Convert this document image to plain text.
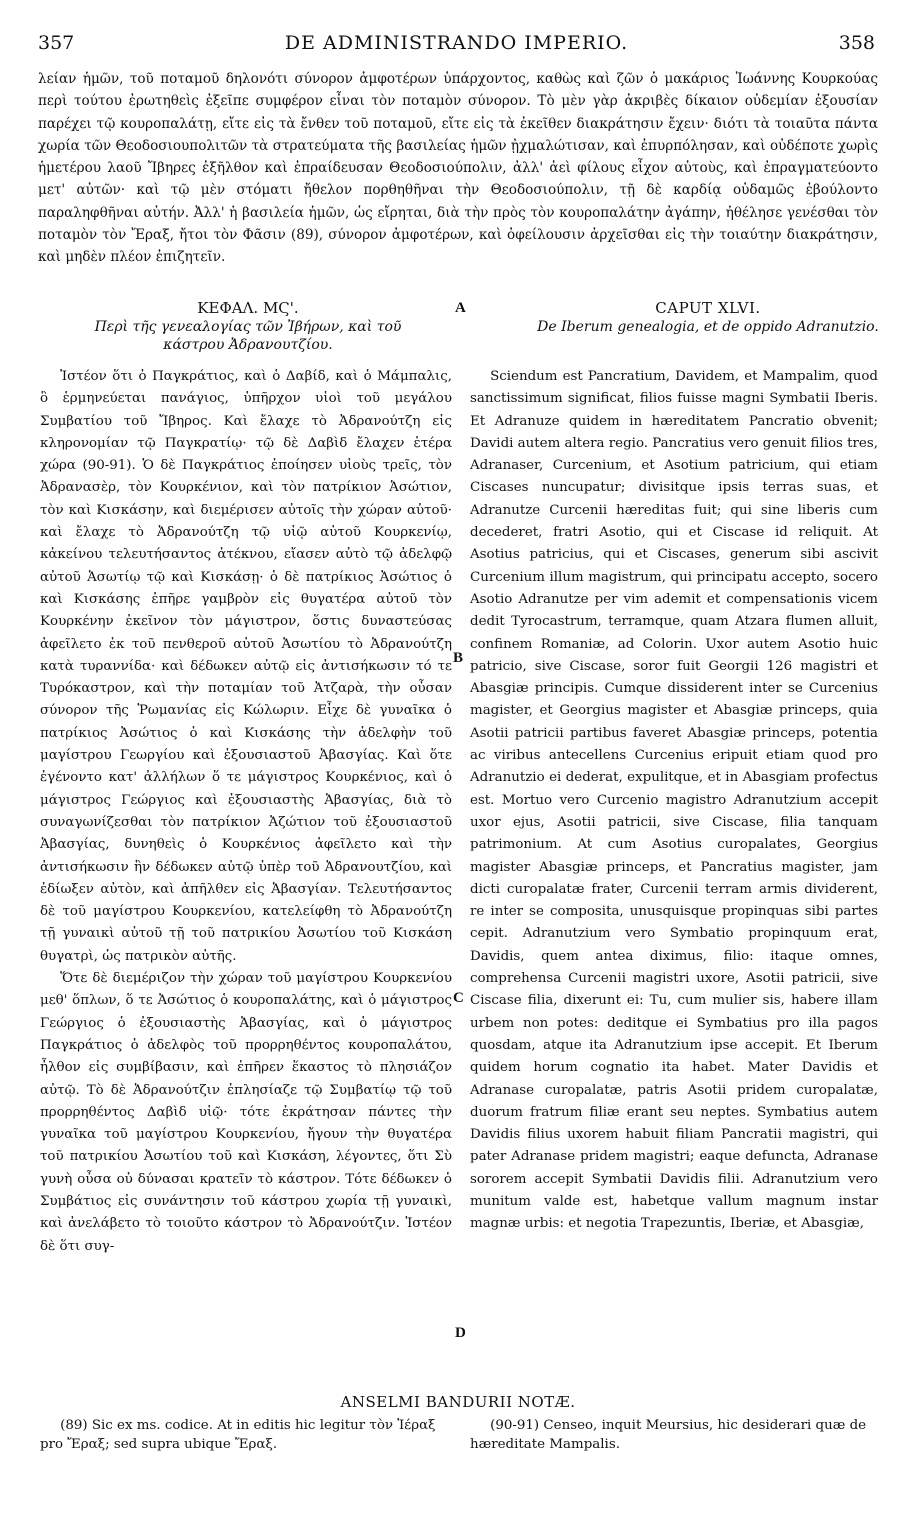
357	DE ADMINISTRANDO IMPERIO.	358

λείαν ἡμῶν, τοῦ ποταμοῦ δηλονότι σύνορον ἀμφοτέρων ὑπάρχοντος, καθὼς καὶ ζῶν ὁ μακάριος Ἰωάννης Κουρκούας περὶ τούτου ἐρωτηθεὶς ἐξεῖπε συμφέρον εἶναι τὸν ποταμὸν σύνορον. Τὸ μὲν γὰρ ἀκριβὲς δίκαιον οὐδεμίαν ἐξουσίαν παρέχει τῷ κουροπαλάτῃ, εἴτε εἰς τὰ ἔνθεν τοῦ ποταμοῦ, εἴτε εἰς τὰ ἐκεῖθεν διακράτησιν ἔχειν· διότι τὰ τοιαῦτα πάντα χωρία τῶν Θεοδοσιουπολιτῶν τὰ στρατεύματα τῆς βασιλείας ἡμῶν ᾐχμαλώτισαν, καὶ ἐπυρπόλησαν, καὶ οὐδέποτε χωρὶς ἡμετέρου λαοῦ Ἴβηρες ἐξῆλθον καὶ ἐπραίδευσαν Θεοδοσιούπολιν, ἀλλ' ἀεὶ φίλους εἶχον αὐτοὺς, καὶ ἐπραγματεύοντο μετ' αὐτῶν· καὶ τῷ μὲν στόματι ἤθελον πορθηθῆναι τὴν Θεοδοσιούπολιν, τῇ δὲ καρδίᾳ οὐδαμῶς ἐβούλοντο παραληφθῆναι αὐτήν. Ἀλλ' ἡ βασιλεία ἡμῶν, ὡς εἴρηται, διὰ τὴν πρὸς τὸν κουροπαλάτην ἀγάπην, ἠθέλησε γενέσθαι τὸν ποταμὸν τὸν Ἔραξ, ἤτοι τὸν Φᾶσιν (89), σύνορον ἀμφοτέρων, καὶ ὀφείλουσιν ἀρχεῖσθαι εἰς τὴν τοιαύτην διακράτησιν, καὶ μηδὲν πλέον ἐπιζητεῖν.

ΚΕΦΑΛ. ΜϚ'.
Περὶ τῆς γενεαλογίας τῶν Ἰβήρων, καὶ τοῦ
κάστρου Ἀδρανουτζίου.
CAPUT XLVI.
De Iberum genealogia, et de oppido Adranutzio.
A
B
C
D

Ἰστέον ὅτι ὁ Παγκράτιος, καὶ ὁ Δαβίδ, καὶ ὁ Μάμπαλις, ὃ ἑρμηνεύεται πανάγιος, ὑπῆρχον υἱοὶ τοῦ μεγάλου Συμβατίου τοῦ Ἴβηρος. Καὶ ἔλαχε τὸ Ἀδρανούτζη εἰς κληρονομίαν τῷ Παγκρατίῳ· τῷ δὲ Δαβὶδ ἔλαχεν ἑτέρα χώρα (90-91). Ὁ δὲ Παγκράτιος ἐποίησεν υἱοὺς τρεῖς, τὸν Ἀδρανασὲρ, τὸν Κουρκένιον, καὶ τὸν πατρίκιον Ἀσώτιον, τὸν καὶ Κισκάσην, καὶ διεμέρισεν αὐτοῖς τὴν χώραν αὐτοῦ· καὶ ἔλαχε τὸ Ἀδρανούτζη τῷ υἱῷ αὐτοῦ Κουρκενίῳ, κἀκείνου τελευτήσαντος ἀτέκνου, εἴασεν αὐτὸ τῷ ἀδελφῷ αὐτοῦ Ἀσωτίῳ τῷ καὶ Κισκάσῃ· ὁ δὲ πατρίκιος Ἀσώτιος ὁ καὶ Κισκάσης ἐπῆρε γαμβρὸν εἰς θυγατέρα αὐτοῦ τὸν Κουρκένην ἐκεῖνον τὸν μάγιστρον, ὅστις δυναστεύσας ἀφεῖλετο ἐκ τοῦ πενθεροῦ αὐτοῦ Ἀσωτίου τὸ Ἀδρανούτζη κατὰ τυραννίδα· καὶ δέδωκεν αὐτῷ εἰς ἀντισήκωσιν τό τε Τυρόκαστρον, καὶ τὴν ποταμίαν τοῦ Ἀτζαρὰ, τὴν οὖσαν σύνορον τῆς Ῥωμανίας εἰς Κώλωριν. Εἶχε δὲ γυναῖκα ὁ πατρίκιος Ἀσώτιος ὁ καὶ Κισκάσης τὴν ἀδελφὴν τοῦ μαγίστρου Γεωργίου καὶ ἐξουσιαστοῦ Ἀβασγίας. Καὶ ὅτε ἐγένοντο κατ' ἀλλήλων ὅ τε μάγιστρος Κουρκένιος, καὶ ὁ μάγιστρος Γεώργιος καὶ ἐξουσιαστὴς Ἀβασγίας, διὰ τὸ συναγωνίζεσθαι τὸν πατρίκιον Ἀζώτιον τοῦ ἐξουσιαστοῦ Ἀβασγίας, δυνηθεὶς ὁ Κουρκένιος ἀφεῖλετο καὶ τὴν ἀντισήκωσιν ἣν δέδωκεν αὐτῷ ὑπὲρ τοῦ Ἀδρανουτζίου, καὶ ἐδίωξεν αὐτὸν, καὶ ἀπῆλθεν εἰς Ἀβασγίαν. Τελευτήσαντος δὲ τοῦ μαγίστρου Κουρκενίου, κατελείφθη τὸ Ἀδρανούτζη τῇ γυναικὶ αὐτοῦ τῇ τοῦ πατρικίου Ἀσωτίου τοῦ Κισκάση θυγατρὶ, ὡς πατρικὸν αὐτῆς.

Ὅτε δὲ διεμέριζον τὴν χώραν τοῦ μαγίστρου Κουρκενίου μεθ' ὅπλων, ὅ τε Ἀσώτιος ὁ κουροπαλάτης, καὶ ὁ μάγιστρος Γεώργιος ὁ ἐξουσιαστὴς Ἀβασγίας, καὶ ὁ μάγιστρος Παγκράτιος ὁ ἀδελφὸς τοῦ προρρηθέντος κουροπαλάτου, ἦλθον εἰς συμβίβασιν, καὶ ἐπῆρεν ἕκαστος τὸ πλησιάζον αὐτῷ. Τὸ δὲ Ἀδρανούτζιν ἐπλησίαζε τῷ Συμβατίῳ τῷ τοῦ προρρηθέντος Δαβὶδ υἱῷ· τότε ἐκράτησαν πάντες τὴν γυναῖκα τοῦ μαγίστρου Κουρκενίου, ἤγουν τὴν θυγατέρα τοῦ πατρικίου Ἀσωτίου τοῦ καὶ Κισκάση, λέγοντες, ὅτι Σὺ γυνὴ οὖσα οὐ δύνασαι κρατεῖν τὸ κάστρον. Τότε δέδωκεν ὁ Συμβάτιος εἰς συνάντησιν τοῦ κάστρου χωρία τῇ γυναικὶ, καὶ ἀνελάβετο τὸ τοιοῦτο κάστρον τὸ Ἀδρανούτζιν. Ἰστέον δὲ ὅτι συγ-

Sciendum est Pancratium, Davidem, et Mampalim, quod sanctissimum significat, filios fuisse magni Symbatii Iberis. Et Adranuze quidem in hæreditatem Pancratio obvenit; Davidi autem altera regio. Pancratius vero genuit filios tres, Adranaser, Curcenium, et Asotium patricium, qui etiam Ciscases nuncupatur; divisitque ipsis terras suas, et Adranutze Curcenii hæreditas fuit; qui sine liberis cum decederet, fratri Asotio, qui et Ciscase id reliquit. At Asotius patricius, qui et Ciscases, generum sibi ascivit Curcenium illum magistrum, qui principatu accepto, socero Asotio Adranutze per vim ademit et compensationis vicem dedit Tyrocastrum, terramque, quam Atzara flumen alluit, confinem Romaniæ, ad Colorin. Uxor autem Asotio huic patricio, sive Ciscase, soror fuit Georgii 126 magistri et Abasgiæ principis. Cumque dissiderent inter se Curcenius magister, et Georgius magister et Abasgiæ princeps, quia Asotii patricii partibus faveret Abasgiæ princeps, potentia ac viribus antecellens Curcenius eripuit etiam quod pro Adranutzio ei dederat, expulitque, et in Abasgiam profectus est. Mortuo vero Curcenio magistro Adranutzium accepit uxor ejus, Asotii patricii, sive Ciscase, filia tanquam patrimonium. At cum Asotius curopalates, Georgius magister Abasgiæ princeps, et Pancratius magister, jam dicti curopalatæ frater, Curcenii terram armis dividerent, re inter se composita, unusquisque propinquas sibi partes cepit. Adranutzium vero Symbatio propinquum erat, Davidis, quem antea diximus, filio: itaque omnes, comprehensa Curcenii magistri uxore, Asotii patricii, sive Ciscase filia, dixerunt ei: Tu, cum mulier sis, habere illam urbem non potes: deditque ei Symbatius pro illa pagos quosdam, atque ita Adranutzium ipse accepit. Et Iberum quidem horum cognatio ita habet. Mater Davidis et Adranase curopalatæ, patris Asotii pridem curopalatæ, duorum fratrum filiæ erant seu neptes. Symbatius autem Davidis filius uxorem habuit filiam Pancratii magistri, qui pater Adranase pridem magistri; eaque defuncta, Adranase sororem accepit Symbatii Davidis filii. Adranutzium vero munitum valde est, habetque vallum magnum instar magnæ urbis: et negotia Trapezuntis, Iberiæ, et Abasgiæ,

ANSELMI BANDURII NOTÆ.

(89) Sic ex ms. codice. At in editis hic legitur τὸν Ἰέραξ pro Ἔραξ; sed supra ubique Ἔραξ.

(90-91) Censeo, inquit Meursius, hic desiderari quæ de hæreditate Mampalis.
